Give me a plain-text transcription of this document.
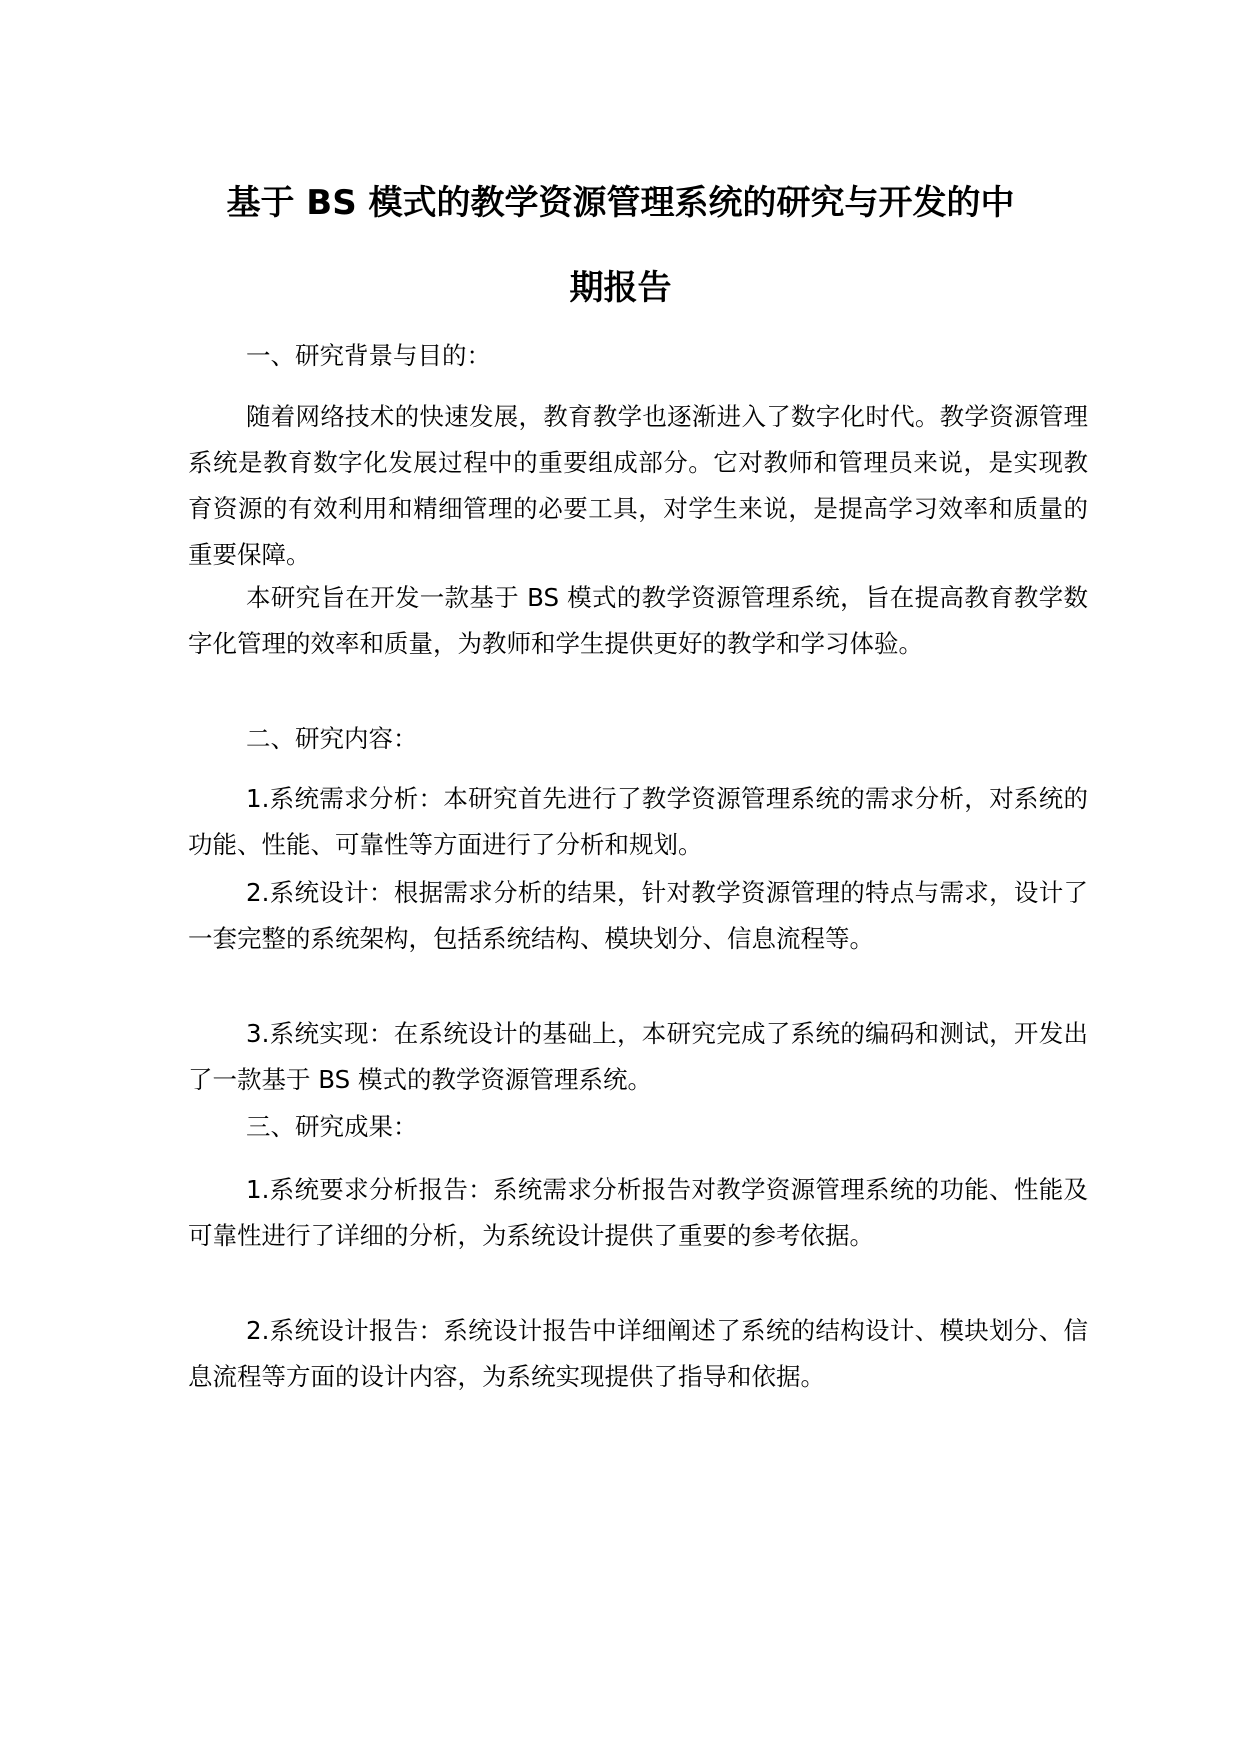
基于 BS 模式的教学资源管理系统的研究与开发的中
期报告
一、研究背景与目的：
随着网络技术的快速发展，教育教学也逐渐进入了数字化时代。教学资源管理系统是教育数字化发展过程中的重要组成部分。它对教师和管理员来说，是实现教育资源的有效利用和精细管理的必要工具，对学生来说，是提高学习效率和质量的重要保障。
本研究旨在开发一款基于 BS 模式的教学资源管理系统，旨在提高教育教学数字化管理的效率和质量，为教师和学生提供更好的教学和学习体验。
二、研究内容：
1.系统需求分析：本研究首先进行了教学资源管理系统的需求分析，对系统的功能、性能、可靠性等方面进行了分析和规划。
2.系统设计：根据需求分析的结果，针对教学资源管理的特点与需求，设计了一套完整的系统架构，包括系统结构、模块划分、信息流程等。
3.系统实现：在系统设计的基础上，本研究完成了系统的编码和测试，开发出了一款基于 BS 模式的教学资源管理系统。
三、研究成果：
1.系统要求分析报告：系统需求分析报告对教学资源管理系统的功能、性能及可靠性进行了详细的分析，为系统设计提供了重要的参考依据。
2.系统设计报告：系统设计报告中详细阐述了系统的结构设计、模块划分、信息流程等方面的设计内容，为系统实现提供了指导和依据。
